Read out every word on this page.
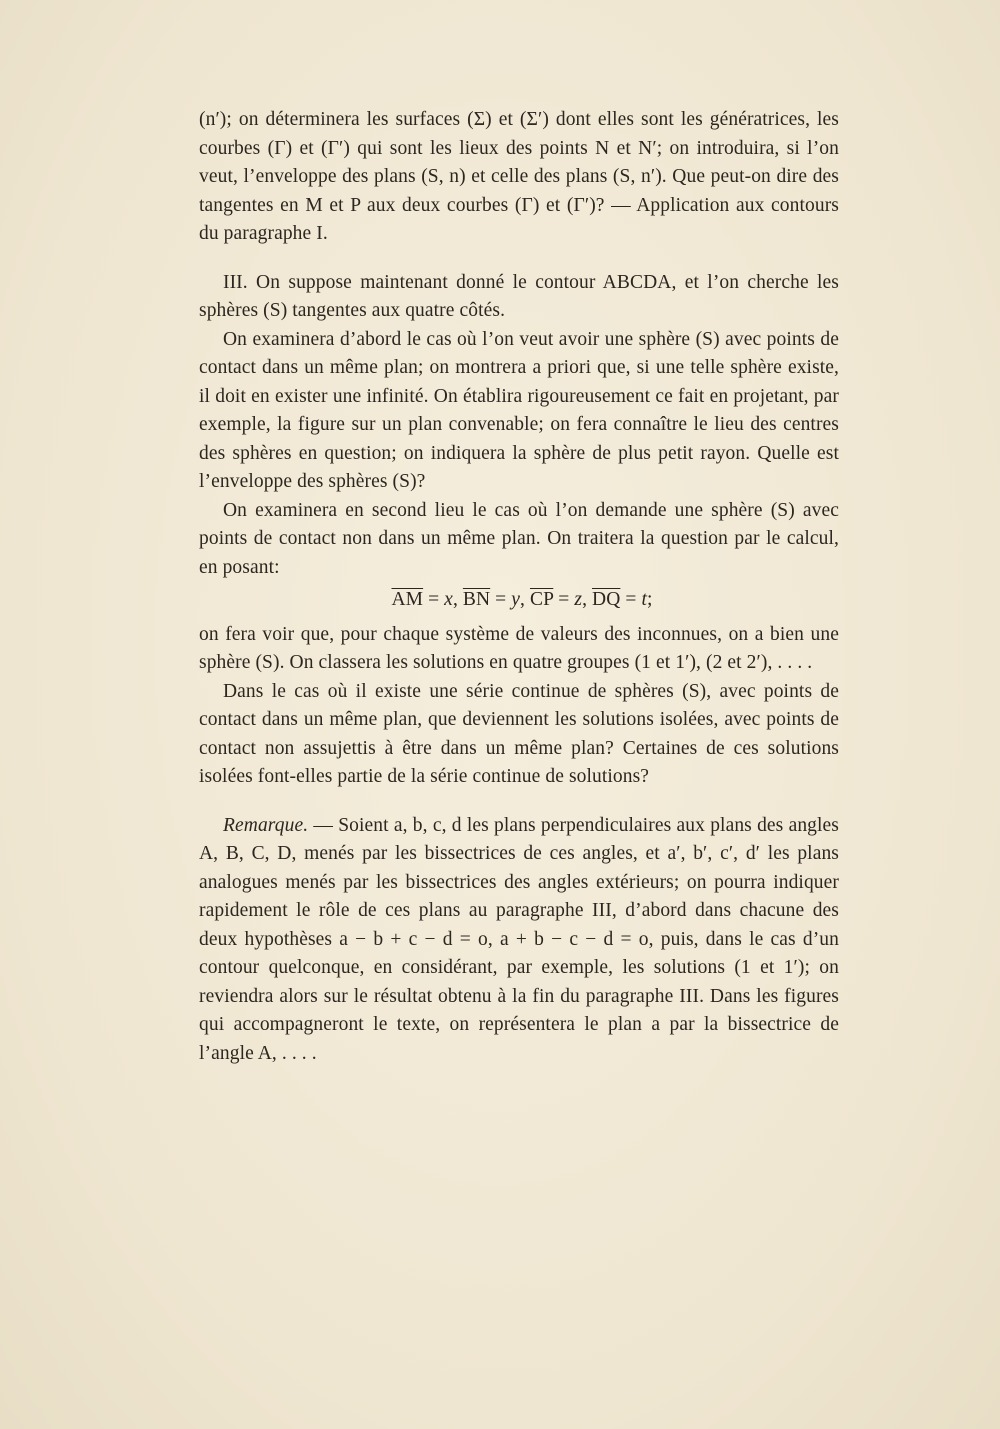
(n′); on déterminera les surfaces (Σ) et (Σ′) dont elles sont les génératrices, les courbes (Γ) et (Γ′) qui sont les lieux des points N et N′; on introduira, si l’on veut, l’enveloppe des plans (S, n) et celle des plans (S, n′). Que peut-on dire des tangentes en M et P aux deux courbes (Γ) et (Γ′)? — Application aux contours du paragraphe I.

III. On suppose maintenant donné le contour ABCDA, et l’on cherche les sphères (S) tangentes aux quatre côtés.

On examinera d’abord le cas où l’on veut avoir une sphère (S) avec points de contact dans un même plan; on montrera a priori que, si une telle sphère existe, il doit en exister une infinité. On établira rigoureusement ce fait en projetant, par exemple, la figure sur un plan convenable; on fera connaître le lieu des centres des sphères en question; on indiquera la sphère de plus petit rayon. Quelle est l’enveloppe des sphères (S)?

On examinera en second lieu le cas où l’on demande une sphère (S) avec points de contact non dans un même plan. On traitera la question par le calcul, en posant:

$\overline{AM} = x$, $\overline{BN} = y$, $\overline{CP} = z$, $\overline{DQ} = t$;

on fera voir que, pour chaque système de valeurs des inconnues, on a bien une sphère (S). On classera les solutions en quatre groupes (1 et 1′), (2 et 2′), . . . .

Dans le cas où il existe une série continue de sphères (S), avec points de contact dans un même plan, que deviennent les solutions isolées, avec points de contact non assujettis à être dans un même plan? Certaines de ces solutions isolées font-elles partie de la série continue de solutions?

Remarque. — Soient a, b, c, d les plans perpendiculaires aux plans des angles A, B, C, D, menés par les bissectrices de ces angles, et a′, b′, c′, d′ les plans analogues menés par les bissectrices des angles extérieurs; on pourra indiquer rapidement le rôle de ces plans au paragraphe III, d’abord dans chacune des deux hypothèses a − b + c − d = o, a + b − c − d = o, puis, dans le cas d’un contour quelconque, en considérant, par exemple, les solutions (1 et 1′); on reviendra alors sur le résultat obtenu à la fin du paragraphe III. Dans les figures qui accompagneront le texte, on représentera le plan a par la bissectrice de l’angle A, . . . .
